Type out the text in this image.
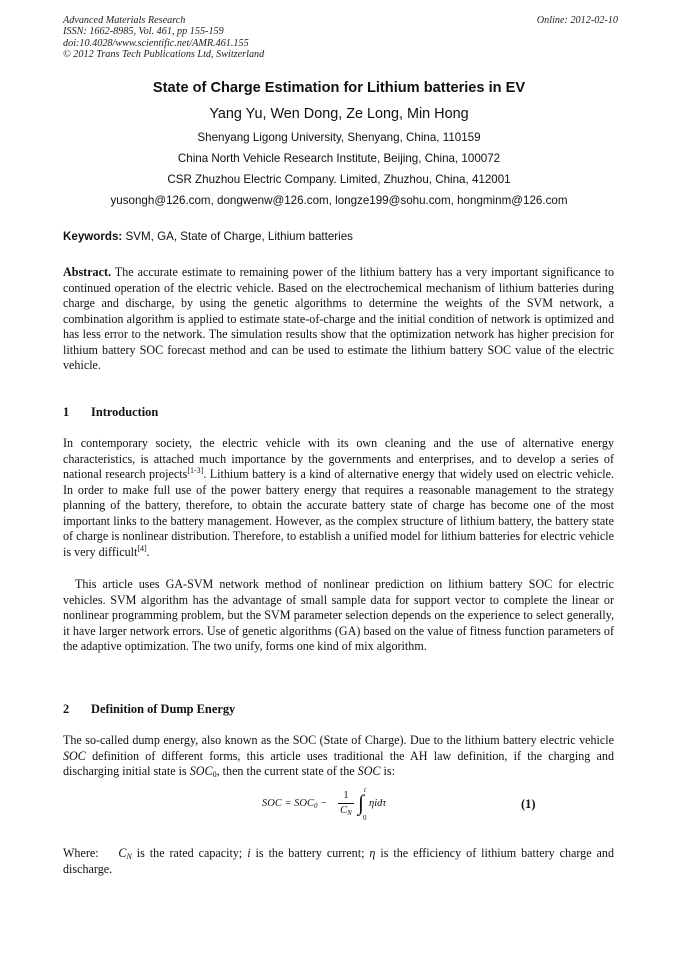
Advanced Materials Research
ISSN: 1662-8985, Vol. 461, pp 155-159
doi:10.4028/www.scientific.net/AMR.461.155
© 2012 Trans Tech Publications Ltd, Switzerland
Online: 2012-02-10
State of Charge Estimation for Lithium batteries in EV
Yang Yu, Wen Dong, Ze Long, Min Hong
Shenyang Ligong University, Shenyang, China, 110159
China North Vehicle Research Institute, Beijing, China, 100072
CSR Zhuzhou Electric Company. Limited, Zhuzhou, China, 412001
yusongh@126.com, dongwenw@126.com, longze199@sohu.com, hongminm@126.com
Keywords: SVM, GA, State of Charge, Lithium batteries

Abstract. The accurate estimate to remaining power of the lithium battery has a very important significance to continued operation of the electric vehicle. Based on the electrochemical mechanism of lithium batteries during charge and discharge, by using the genetic algorithms to determine the weights of the SVM network, a combination algorithm is applied to estimate state-of-charge and the initial condition of network is optimized and has less error to the network. The simulation results show that the optimization network has higher precision for lithium battery SOC forecast method and can be used to estimate the lithium battery SOC value of the electric vehicle.

1 Introduction

In contemporary society, the electric vehicle with its own cleaning and the use of alternative energy characteristics, is attached much importance by the governments and enterprises, and to develop a series of national research projects[1-3]. Lithium battery is a kind of alternative energy that widely used on electric vehicle. In order to make full use of the power battery energy that requires a reasonable management to the strategy planning of the battery, therefore, to obtain the accurate battery state of charge has become one of the most important links to the battery management. However, as the complex structure of lithium battery, the battery state of charge is nonlinear distribution. Therefore, to establish a unified model for lithium batteries for electric vehicle is very difficult[4].

This article uses GA-SVM network method of nonlinear prediction on lithium battery SOC for electric vehicles. SVM algorithm has the advantage of small sample data for support vector to complete the linear or nonlinear programming problem, but the SVM parameter selection depends on the experience to select generally, it have larger network errors. Use of genetic algorithms (GA) based on the value of fitness function parameters of the adaptive optimization. The two unify, forms one kind of mix algorithm.

2 Definition of Dump Energy

The so-called dump energy, also known as the SOC (State of Charge). Due to the lithium battery electric vehicle SOC definition of different forms, this article uses traditional the AH law definition, if the charging and discharging initial state is $SOC_0$, then the current state of the SOC is:

SOC = $SOC_0$ −
1
$C_N$
t
∫
0
ηidτ	(1)

Where: $C_N$ is the rated capacity; i is the battery current; η is the efficiency of lithium battery charge and discharge.
